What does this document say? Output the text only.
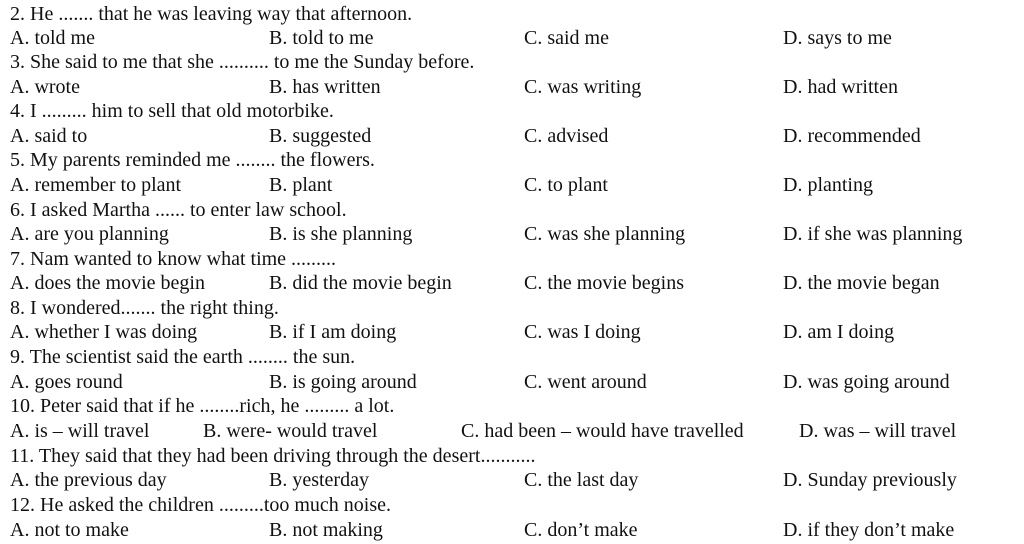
2. He ....... that he was leaving way that afternoon.
A. told me	B. told to me	C. said me	D. says to me
3. She said to me that she .......... to me the Sunday before.
A. wrote	B. has written	C. was writing	D. had written
4. I ......... him to sell that old motorbike.
A. said to	B. suggested	C. advised	D. recommended
5. My parents reminded me ........ the flowers.
A. remember to plant	B. plant	C. to plant	D. planting
6. I asked Martha ...... to enter law school.
A. are you planning	B. is she planning	C. was she planning	D. if she was planning
7. Nam wanted to know what time .........
A. does the movie begin	B. did the movie begin	C. the movie begins	D. the movie began
8. I wondered....... the right thing.
A. whether I was doing	B. if I am doing	C. was I doing	D. am I doing
9. The scientist said the earth ........ the sun.
A. goes round	B. is going around	C. went around	D. was going around
10. Peter said that if he ........rich, he ......... a lot.
A. is – will travel	B. were- would travel	C. had been – would have travelled	D. was – will travel
11. They said that they had been driving through the desert...........
A. the previous day	B. yesterday	C. the last day	D. Sunday previously
12. He asked the children .........too much noise.
A. not to make	B. not making	C. don’t make	D. if they don’t make
